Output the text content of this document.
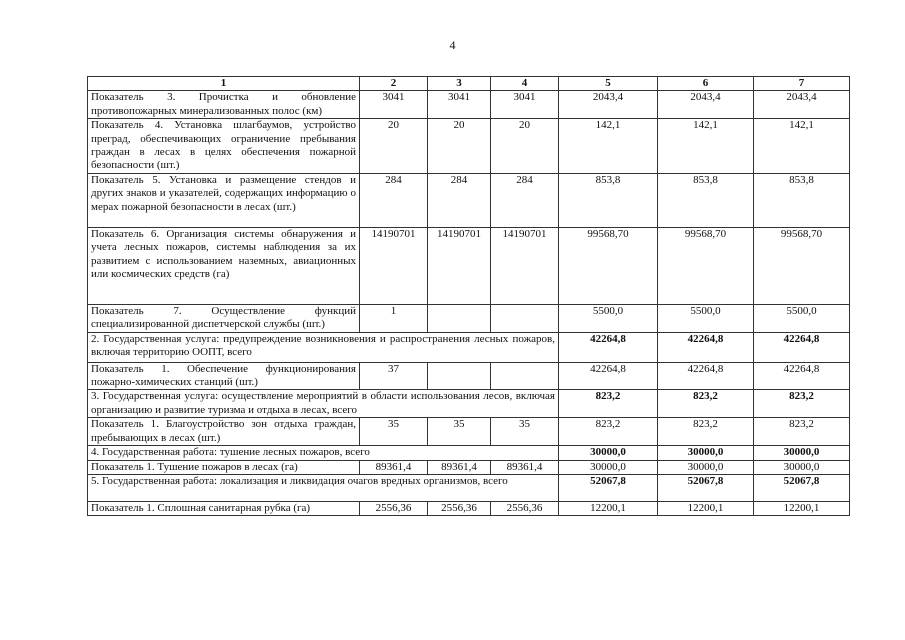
4
1	2	3	4	5	6	7
Показатель 3. Прочистка и обновление противопожарных минерализованных полос (км)	3041	3041	3041	2043,4	2043,4	2043,4
Показатель 4. Установка шлагбаумов, устройство преград, обеспечивающих ограничение пребывания граждан в лесах в целях обеспечения пожарной безопасности (шт.)	20	20	20	142,1	142,1	142,1
Показатель 5. Установка и размещение стендов и других знаков и указателей, содержащих информацию о мерах пожарной безопасности в лесах (шт.)	284	284	284	853,8	853,8	853,8
Показатель 6. Организация системы обнаружения и учета лесных пожаров, системы наблюдения за их развитием с использованием наземных, авиационных или космических средств (га)	14190701	14190701	14190701	99568,70	99568,70	99568,70
Показатель 7. Осуществление функций специализированной диспетчерской службы (шт.)	1			5500,0	5500,0	5500,0
2. Государственная услуга: предупреждение возникновения и распространения лесных пожаров, включая территорию ООПТ, всего				42264,8	42264,8	42264,8
Показатель 1. Обеспечение функционирования пожарно-химических станций (шт.)	37			42264,8	42264,8	42264,8
3. Государственная услуга: осуществление мероприятий в области использования лесов, включая организацию и развитие туризма и отдыха в лесах, всего				823,2	823,2	823,2
Показатель 1. Благоустройство зон отдыха граждан, пребывающих в лесах (шт.)	35	35	35	823,2	823,2	823,2
4. Государственная работа: тушение лесных пожаров, всего				30000,0	30000,0	30000,0
Показатель 1. Тушение пожаров в лесах (га)	89361,4	89361,4	89361,4	30000,0	30000,0	30000,0
5. Государственная работа: локализация и ликвидация очагов вредных организмов, всего				52067,8	52067,8	52067,8
Показатель 1. Сплошная санитарная рубка (га)	2556,36	2556,36	2556,36	12200,1	12200,1	12200,1
